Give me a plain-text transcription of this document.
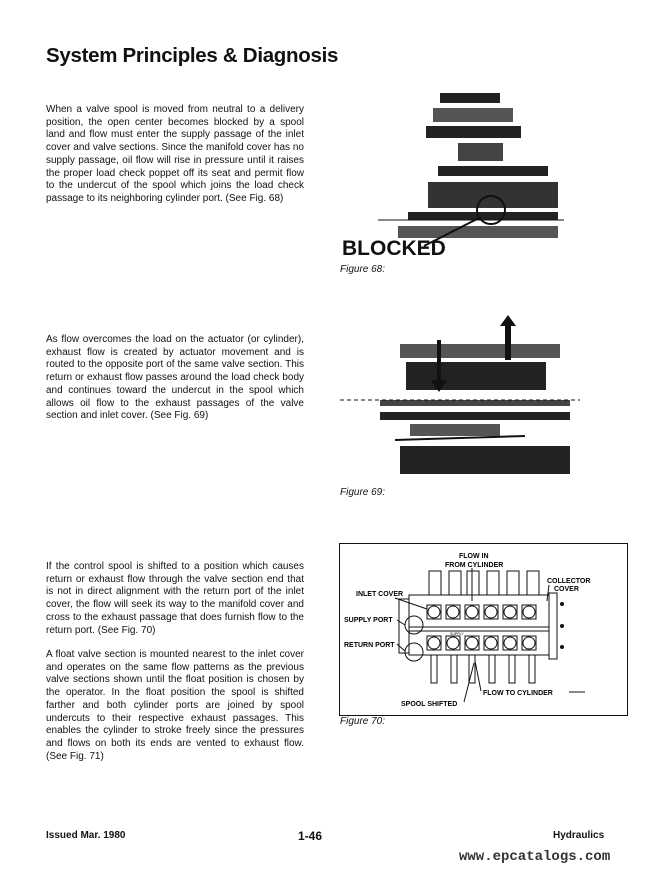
System Principles & Diagnosis

When a valve spool is moved from neutral to a delivery position, the open center becomes blocked by a spool land and flow must enter the supply passage of the inlet cover and valve sections. Since the manifold cover has no supply passage, oil flow will rise in pressure until it raises the proper load check poppet off its seat and permit flow to the undercut of the spool which joins the load check passage to its neighboring cylinder port. (See Fig. 68)

As flow overcomes the load on the actuator (or cylinder), exhaust flow is created by actuator movement and is routed to the opposite port of the same valve section. This return or exhaust flow passes around the load check body and continues toward the undercut in the spool which allows oil flow to the exhaust passages of the valve section and inlet cover. (See Fig. 69)

If the control spool is shifted to a position which causes return or exhaust flow through the valve section end that is not in direct alignment with the return port of the inlet cover, the flow will seek its way to the manifold cover and cross to the exhaust passage that does furnish flow to the return port. (See Fig. 70)

A float valve section is mounted nearest to the inlet cover and operates on the same flow patterns as the previous valve sections shown until the float position is chosen by the operator. In the float position the spool is shifted farther and both cylinder ports are joined by spool undercuts to their respective exhaust passages. This enables the cylinder to stroke freely since the pressures and flows on both its ends are vented to exhaust flow. (See Fig. 71)

BLOCKED
Figure 68:
Figure 69:
FLOW IN
FROM CYLINDER
COLLECTOR
COVER
INLET COVER
SUPPLY PORT
RETURN PORT
FLOW TO CYLINDER
SPOOL SHIFTED
SUPPLY
Figure 70:
Issued Mar. 1980	1-46	Hydraulics
www.epcatalogs.com
